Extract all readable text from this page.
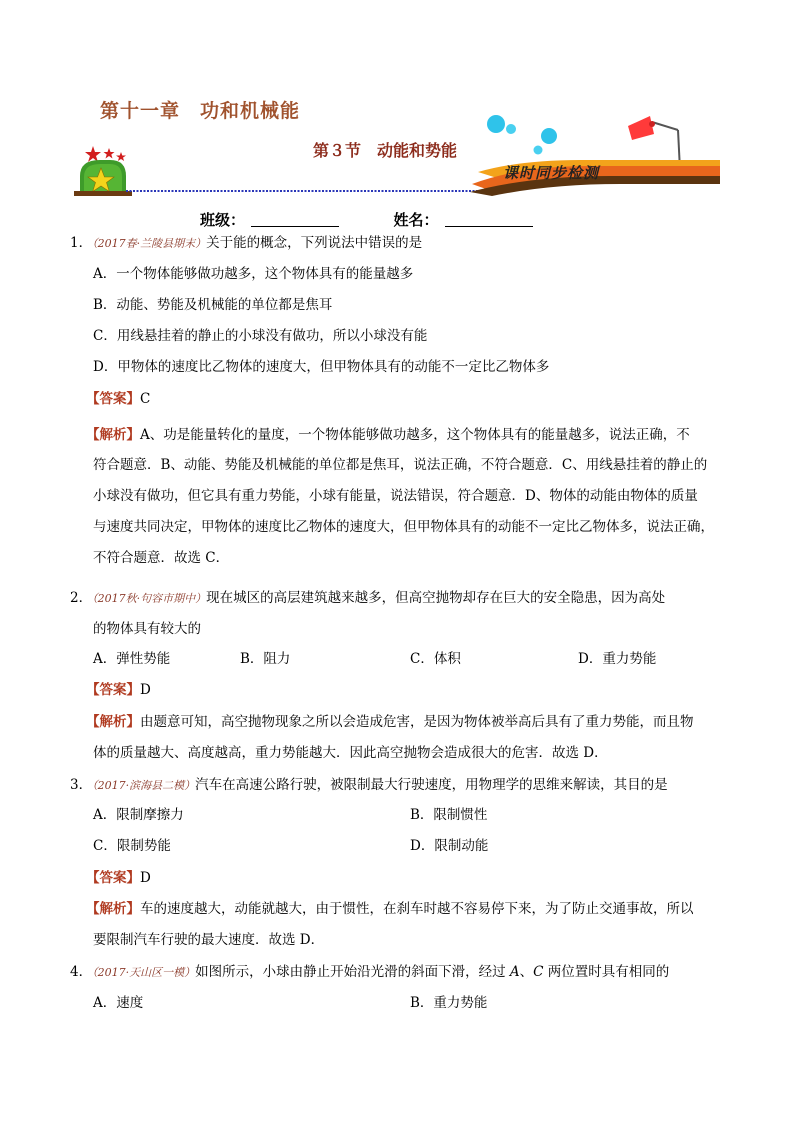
第十一章　功和机械能
第３节　动能和势能
课时同步检测
班级：	姓名：
1．（2017春·兰陵县期末）关于能的概念，下列说法中错误的是
A．一个物体能够做功越多，这个物体具有的能量越多
B．动能、势能及机械能的单位都是焦耳
C．用线悬挂着的静止的小球没有做功，所以小球没有能
D．甲物体的速度比乙物体的速度大，但甲物体具有的动能不一定比乙物体多
【答案】C
【解析】A、功是能量转化的量度，一个物体能够做功越多，这个物体具有的能量越多，说法正确，不
符合题意．B、动能、势能及机械能的单位都是焦耳，说法正确，不符合题意．C、用线悬挂着的静止的
小球没有做功，但它具有重力势能，小球有能量，说法错误，符合题意．D、物体的动能由物体的质量
与速度共同决定，甲物体的速度比乙物体的速度大，但甲物体具有的动能不一定比乙物体多，说法正确，
不符合题意．故选 C．
2．（2017秋·句容市期中）现在城区的高层建筑越来越多，但高空抛物却存在巨大的安全隐患，因为高处
的物体具有较大的
A．弹性势能	B．阻力	C．体积	D．重力势能
【答案】D
【解析】由题意可知，高空抛物现象之所以会造成危害，是因为物体被举高后具有了重力势能，而且物
体的质量越大、高度越高，重力势能越大．因此高空抛物会造成很大的危害．故选 D．
3．（2017·滨海县二模）汽车在高速公路行驶，被限制最大行驶速度，用物理学的思维来解读，其目的是
A．限制摩擦力	B．限制惯性
C．限制势能	D．限制动能
【答案】D
【解析】车的速度越大，动能就越大，由于惯性，在刹车时越不容易停下来，为了防止交通事故，所以
要限制汽车行驶的最大速度．故选 D．
4．（2017·天山区一模）如图所示，小球由静止开始沿光滑的斜面下滑，经过 A、C 两位置时具有相同的
A．速度	B．重力势能
